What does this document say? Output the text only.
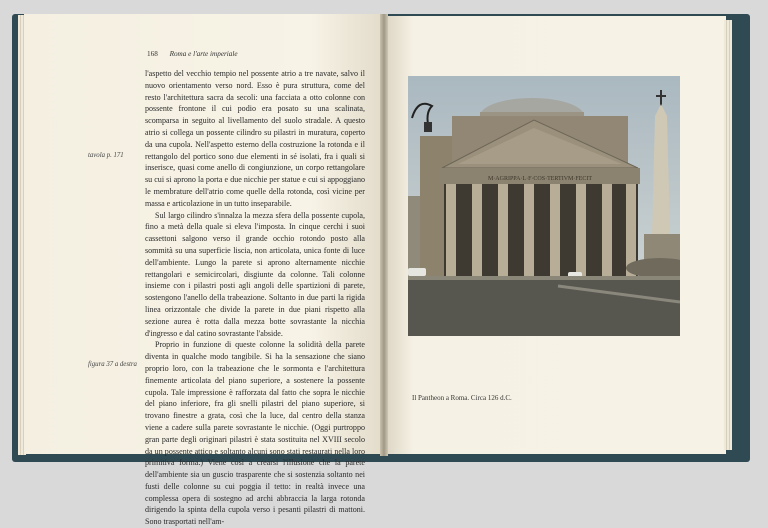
168 Roma e l'arte imperiale
tavola p. 171
figura 37 a destra

l'aspetto del vecchio tempio nel possente atrio a tre navate, salvo il nuovo orientamento verso nord. Esso è pura struttura, come del resto l'architettura sacra da secoli: una facciata a otto colonne con possente frontone il cui podio era posato su una scalinata, scomparsa in seguito al livellamento del suolo stradale. A questo atrio si collega un possente cilindro su pilastri in muratura, coperto da una cupola. Nell'aspetto esterno della costruzione la rotonda e il rettangolo del portico sono due elementi in sé isolati, fra i quali si inserisce, quasi come anello di congiunzione, un corpo rettangolare su cui si aprono la porta e due nicchie per statue e cui si appoggiano le membrature dell'atrio come quelle della rotonda, così vicine per massa e articolazione in un tutto inseparabile.

Sul largo cilindro s'innalza la mezza sfera della possente cupola, fino a metà della quale si eleva l'imposta. In cinque cerchi i suoi cassettoni salgono verso il grande occhio rotondo posto alla sommità su una superficie liscia, non articolata, unica fonte di luce dell'ambiente. Lungo la parete si aprono alternamente nicchie rettangolari e semicircolari, disgiunte da colonne. Tali colonne insieme con i pilastri posti agli angoli delle spartizioni di parete, sostengono l'anello della trabeazione. Soltanto in due parti la rigida linea orizzontale che divide la parete in due piani rispetto alla sezione aurea è rotta dalla mezza botte sovrastante la nicchia d'ingresso e dal catino sovrastante l'abside.

Proprio in funzione di queste colonne la solidità della parete diventa in qualche modo tangibile. Si ha la sensazione che siano proprio loro, con la trabeazione che le sormonta e l'architettura finemente articolata del piano superiore, a sostenere la possente cupola. Tale impressione è rafforzata dal fatto che sopra le nicchie del piano inferiore, fra gli snelli pilastri del piano superiore, si trovano finestre a grata, così che la luce, dal centro della stanza viene a cadere sulla parete sovrastante le nicchie. (Oggi purtroppo gran parte degli originari pilastri è stata sostituita nel XVIII secolo da un possente attico e soltanto alcuni sono stati restaurati nella loro primitiva forma.) Viene così a crearsi l'illusione che la parete dell'ambiente sia un guscio trasparente che si sostenzia soltanto nei fusti delle colonne su cui poggia il tetto: in realtà invece una complessa opera di sostegno ad archi abbraccia la larga rotonda dirigendo la spinta della cupola verso i pesanti pilastri di mattoni. Sono trasportati nell'am-

M·AGRIPPA·L·F·COS·TERTIVM·FECIT
Il Pantheon a Roma. Circa 126 d.C.
